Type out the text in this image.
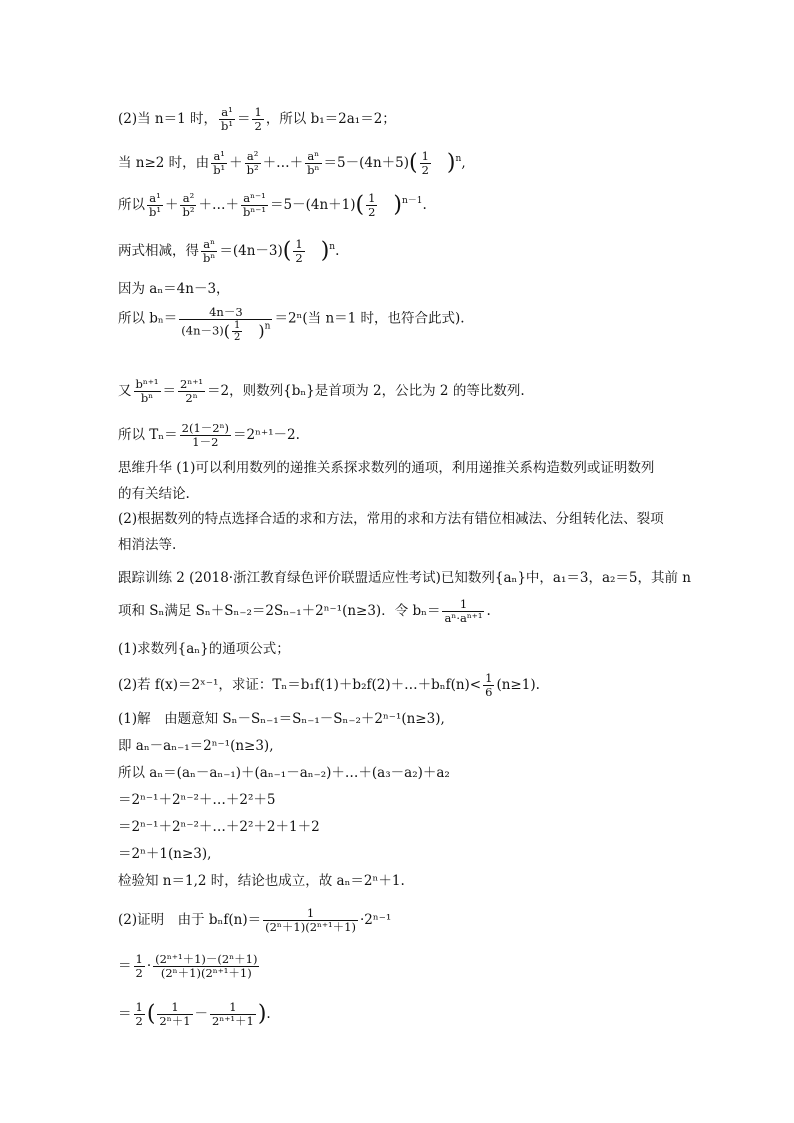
(2)当 n＝1 时， $\frac{\text{a¹}}{\text{b¹}} = \frac{1}{2}$ ，所以 b₁＝2a₁＝2；
当 n≥2 时，由 $\frac{\text{a¹}}{\text{b¹}} + \frac{\text{a²}}{\text{b²}}$ ＋…＋ $\frac{\text{aⁿ}}{\text{bⁿ}} =5-(4n+5)( \frac{1}{2} )^n$,
所以 $\frac{\text{a¹}}{\text{b¹}} + \frac{\text{a²}}{\text{b²}}$ ＋…＋ $\frac{\text{aⁿ⁻¹}}{\text{bⁿ⁻¹}} =5-(4n+1)( \frac{1}{2} )^{n-1}$.
两式相减，得 $\frac{\text{aⁿ}}{\text{bⁿ}} =(4n-3)( \frac{1}{2} )^n$.
因为 aₙ＝4n－3，
所以 $b_n= \frac{4n-3}{(4n-3)( \frac{1}{2} )^n} =2^n$(当 n＝1 时，也符合此式).
又 $\frac{\text{bⁿ⁺¹}}{\text{bⁿ}} = \frac{\text{2ⁿ⁺¹}}{\text{2ⁿ}} =2$，则数列{bₙ}是首项为 2，公比为 2 的等比数列.
所以 $T_n= \frac{\text{2(1－2ⁿ)}}{1-2} =2^{n+1}-2$.
思维升华 (1)可以利用数列的递推关系探求数列的通项，利用递推关系构造数列或证明数列
的有关结论.
(2)根据数列的特点选择合适的求和方法，常用的求和方法有错位相减法、分组转化法、裂项
相消法等.
跟踪训练 2 (2018·浙江教育绿色评价联盟适应性考试)已知数列{aₙ}中，a₁＝3，a₂＝5，其前 n
项和 Sₙ满足 Sₙ＋Sₙ₋₂＝2Sₙ₋₁＋2ⁿ⁻¹(n≥3)．令 $b_n= \frac{1}{\text{aⁿ·aⁿ⁺¹}}$ .
(1)求数列{aₙ}的通项公式；
(2)若 f(x)＝2ˣ⁻¹，求证：Tₙ＝b₁f(1)＋b₂f(2)＋…＋bₙf(n)< $\frac{1}{6} (n\ge 1)$.
(1)解　由题意知 Sₙ－Sₙ₋₁＝Sₙ₋₁－Sₙ₋₂＋2ⁿ⁻¹(n≥3),
即 aₙ－aₙ₋₁＝2ⁿ⁻¹(n≥3),
所以 aₙ＝(aₙ－aₙ₋₁)＋(aₙ₋₁－aₙ₋₂)＋…＋(a₃－a₂)＋a₂
＝2ⁿ⁻¹＋2ⁿ⁻²＋…＋2²＋5
＝2ⁿ⁻¹＋2ⁿ⁻²＋…＋2²＋2＋1＋2
＝2ⁿ＋1(n≥3),
检验知 n＝1,2 时，结论也成立，故 aₙ＝2ⁿ＋1.
(2)证明　由于 $b_nf(n)= \frac{1}{\text{(2ⁿ＋1)(2ⁿ⁺¹＋1)}} \cdot 2^{n-1}$
＝ $\frac{1}{2} \cdot \frac{\text{(2ⁿ⁺¹＋1)－(2ⁿ＋1)}}{\text{(2ⁿ＋1)(2ⁿ⁺¹＋1)}}$
＝ $\frac{1}{2}$ ( $\frac{1}{\text{2ⁿ＋1}} - \frac{1}{\text{2ⁿ⁺¹＋1}}$ ).
